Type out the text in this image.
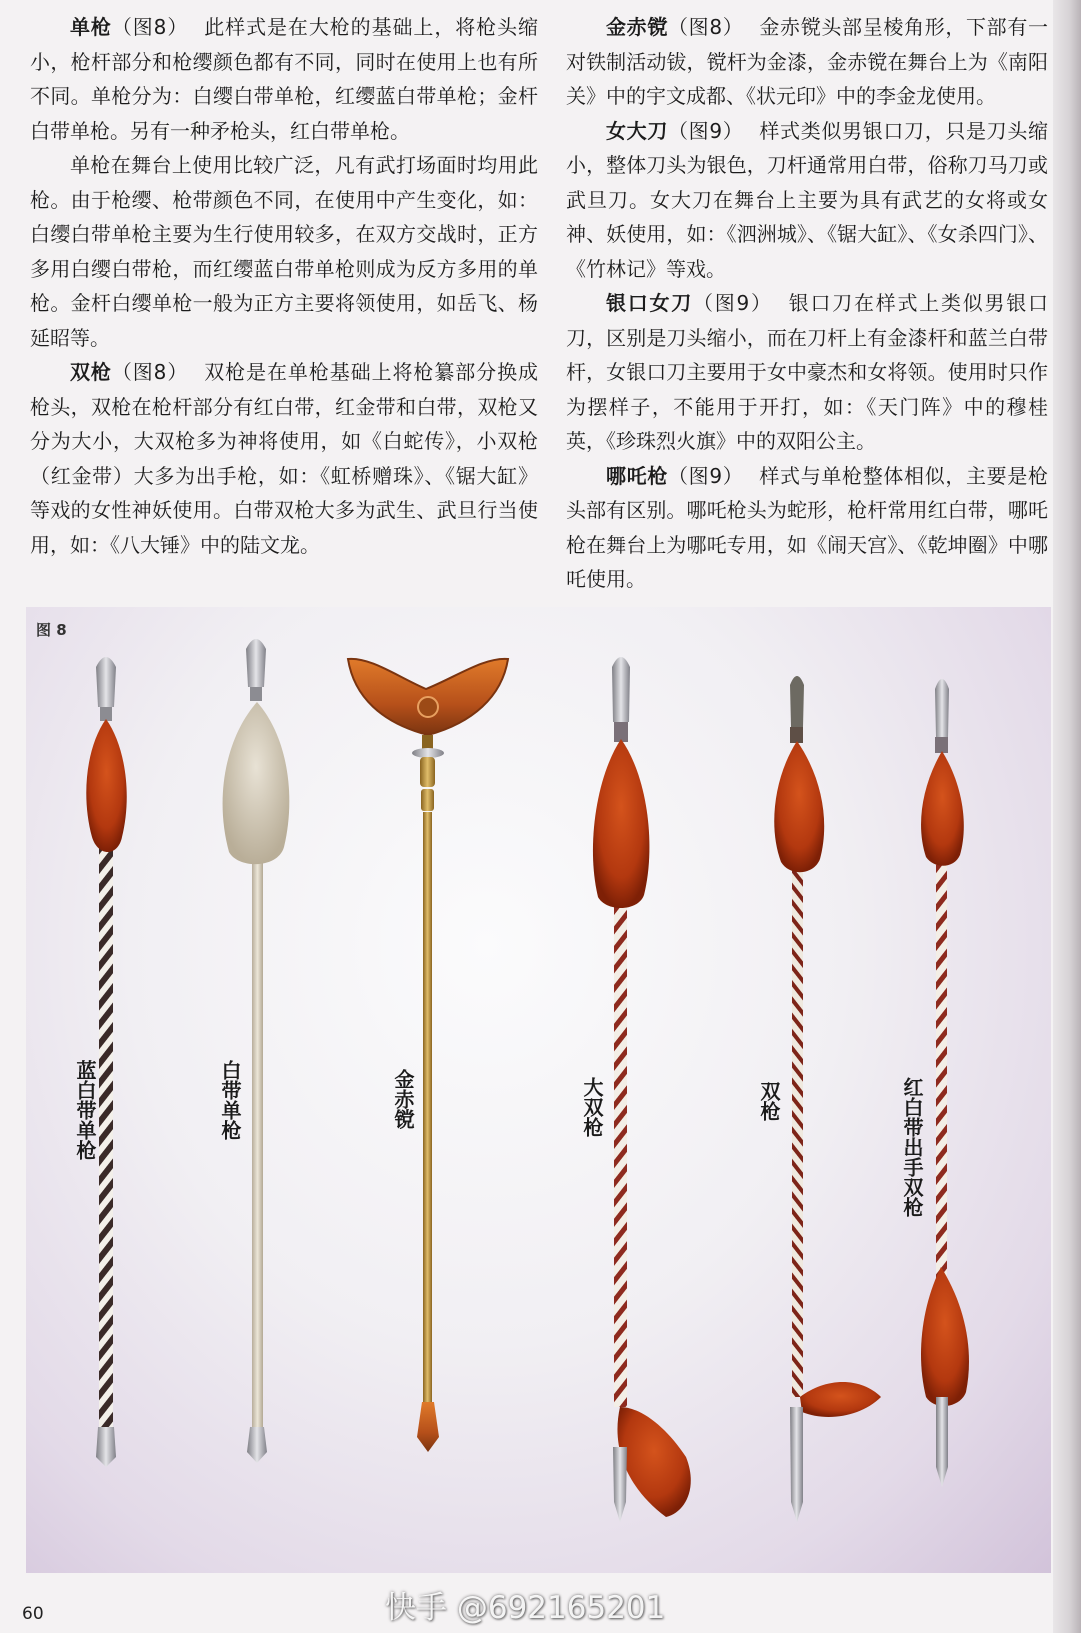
单枪（图8） 此样式是在大枪的基础上，将枪头缩小，枪杆部分和枪缨颜色都有不同，同时在使用上也有所不同。单枪分为：白缨白带单枪，红缨蓝白带单枪；金杆白带单枪。另有一种矛枪头，红白带单枪。

单枪在舞台上使用比较广泛，凡有武打场面时均用此枪。由于枪缨、枪带颜色不同，在使用中产生变化，如：白缨白带单枪主要为生行使用较多，在双方交战时，正方多用白缨白带枪，而红缨蓝白带单枪则成为反方多用的单枪。金杆白缨单枪一般为正方主要将领使用，如岳飞、杨延昭等。

双枪（图8） 双枪是在单枪基础上将枪纂部分换成枪头，双枪在枪杆部分有红白带，红金带和白带，双枪又分为大小，大双枪多为神将使用，如《白蛇传》，小双枪（红金带）大多为出手枪，如：《虹桥赠珠》、《锯大缸》等戏的女性神妖使用。白带双枪大多为武生、武旦行当使用，如：《八大锤》中的陆文龙。

金赤镋（图8） 金赤镋头部呈棱角形，下部有一对铁制活动钹，镋杆为金漆，金赤镋在舞台上为《南阳关》中的宇文成都、《状元印》中的李金龙使用。

女大刀（图9） 样式类似男银口刀，只是刀头缩小，整体刀头为银色，刀杆通常用白带，俗称刀马刀或武旦刀。女大刀在舞台上主要为具有武艺的女将或女神、妖使用，如：《泗洲城》、《锯大缸》、《女杀四门》、《竹林记》等戏。

银口女刀（图9） 银口刀在样式上类似男银口刀，区别是刀头缩小，而在刀杆上有金漆杆和蓝兰白带杆，女银口刀主要用于女中豪杰和女将领。使用时只作为摆样子，不能用于开打，如：《天门阵》中的穆桂英，《珍珠烈火旗》中的双阳公主。

哪吒枪（图9） 样式与单枪整体相似，主要是枪头部有区别。哪吒枪头为蛇形，枪杆常用红白带，哪吒枪在舞台上为哪吒专用，如《闹天宫》、《乾坤圈》中哪吒使用。

图 8
蓝白带单枪	白带单枪	金赤镋	大双枪	双枪	红白带出手双枪
60	快手 @692165201
